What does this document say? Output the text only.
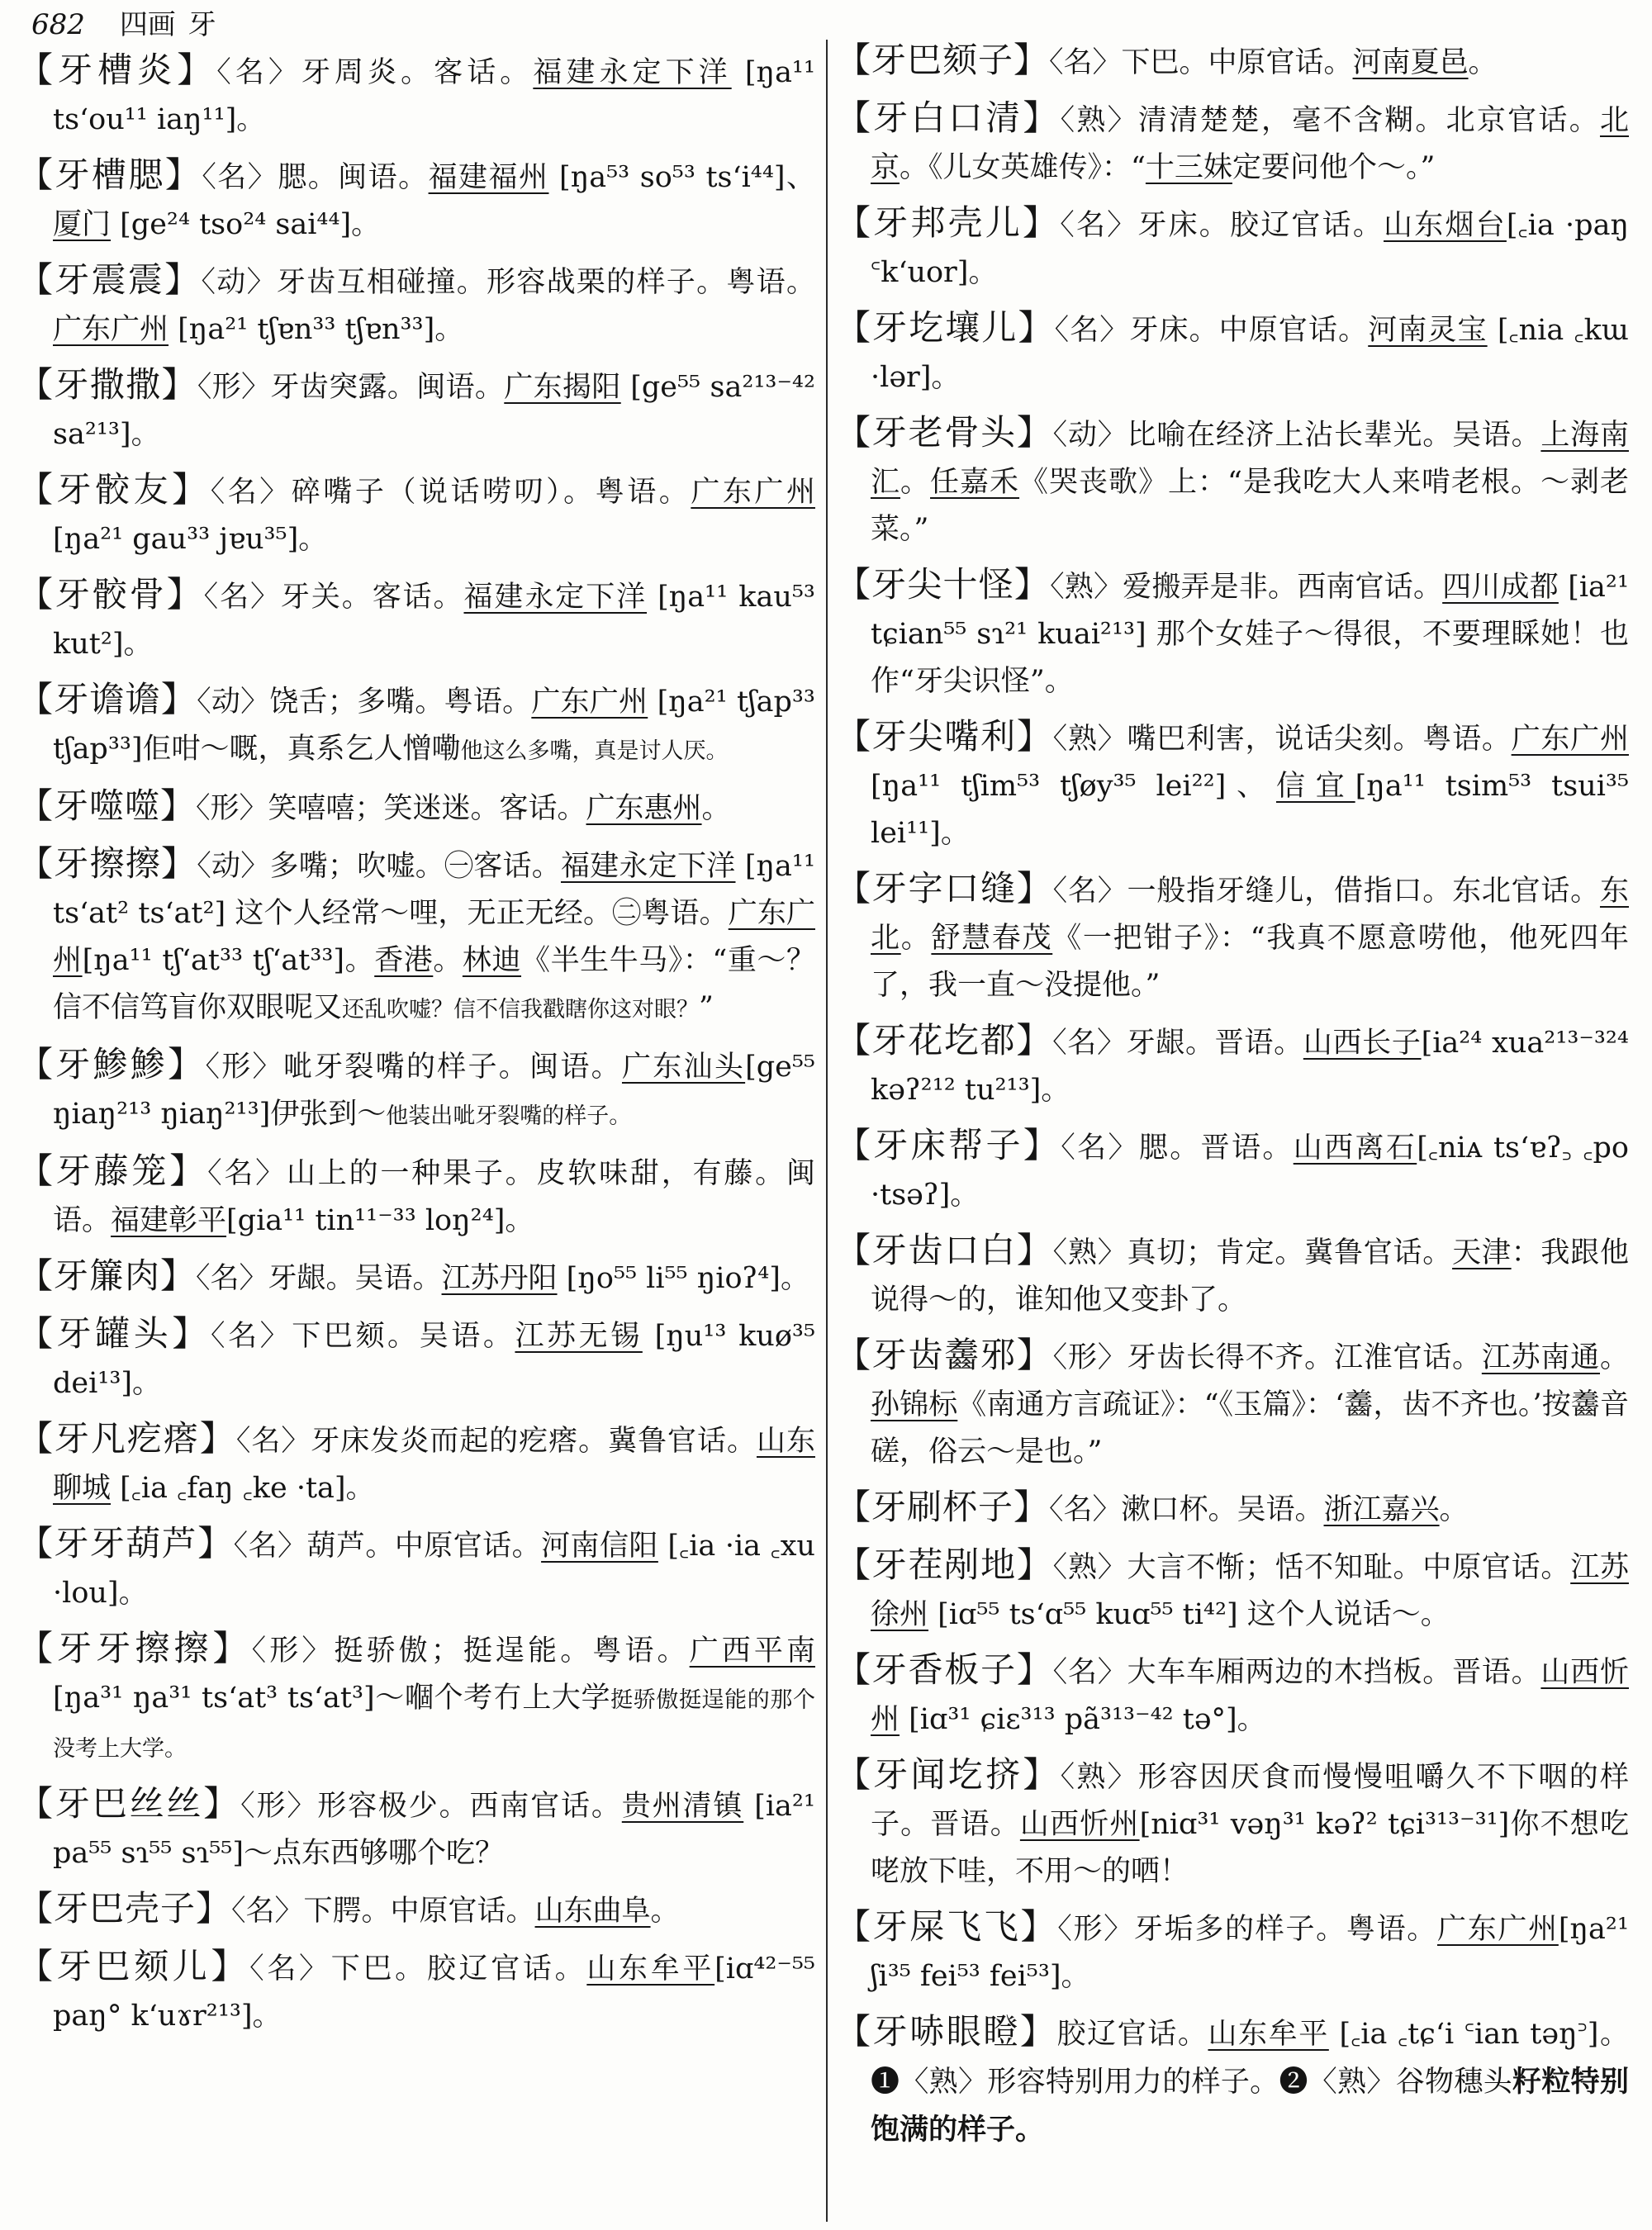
682 四画 牙
【牙槽炎】〈名〉牙周炎。客话。福建永定下洋 [ŋa¹¹ ts‘ou¹¹ iaŋ¹¹]。
【牙槽腮】〈名〉腮。闽语。福建福州 [ŋa⁵³ so⁵³ ts‘i⁴⁴]、厦门 [ge²⁴ tso²⁴ sai⁴⁴]。
【牙震震】〈动〉牙齿互相碰撞。形容战栗的样子。粤语。广东广州 [ŋa²¹ tʃɐn³³ tʃɐn³³]。
【牙撒撒】〈形〉牙齿突露。闽语。广东揭阳 [ge⁵⁵ sa²¹³⁻⁴² sa²¹³]。
【牙骹友】〈名〉碎嘴子（说话唠叨）。粤语。广东广州 [ŋa²¹ gau³³ jɐu³⁵]。
【牙骹骨】〈名〉牙关。客话。福建永定下洋 [ŋa¹¹ kau⁵³ kut²]。
【牙谵谵】〈动〉饶舌；多嘴。粤语。广东广州 [ŋa²¹ tʃap³³ tʃap³³]佢咁～嘅，真系乞人憎嘞他这么多嘴，真是讨人厌。
【牙噬噬】〈形〉笑嘻嘻；笑迷迷。客话。广东惠州。
【牙擦擦】〈动〉多嘴；吹嘘。㊀客话。福建永定下洋 [ŋa¹¹ ts‘at² ts‘at²] 这个人经常～哩，无正无经。㊁粤语。广东广州[ŋa¹¹ tʃ‘at³³ tʃ‘at³³]。香港。林迪《半生牛马》：“重～？信不信笃盲你双眼呢又还乱吹嘘？信不信我戳瞎你这对眼？”
【牙鯵鯵】〈形〉呲牙裂嘴的样子。闽语。广东汕头[ge⁵⁵ ŋiaŋ²¹³ ŋiaŋ²¹³]伊张到～他装出呲牙裂嘴的样子。
【牙藤笼】〈名〉山上的一种果子。皮软味甜，有藤。闽语。福建彰平[gia¹¹ tin¹¹⁻³³ loŋ²⁴]。
【牙簾肉】〈名〉牙龈。吴语。江苏丹阳 [ŋo⁵⁵ li⁵⁵ ŋioʔ⁴]。
【牙罐头】〈名〉下巴颏。吴语。江苏无锡 [ŋu¹³ kuø³⁵ dei¹³]。
【牙凡疙瘩】〈名〉牙床发炎而起的疙瘩。冀鲁官话。山东聊城 [꜀ia ꜀faŋ ꜀ke ·ta]。
【牙牙葫芦】〈名〉葫芦。中原官话。河南信阳 [꜀ia ·ia ꜀xu ·lou]。
【牙牙擦擦】〈形〉挺骄傲；挺逞能。粤语。广西平南 [ŋa³¹ ŋa³¹ ts‘at³ ts‘at³]～嗰个考冇上大学挺骄傲挺逞能的那个没考上大学。
【牙巴丝丝】〈形〉形容极少。西南官话。贵州清镇 [ia²¹ pa⁵⁵ sɿ⁵⁵ sɿ⁵⁵]～点东西够哪个吃？
【牙巴壳子】〈名〉下腭。中原官话。山东曲阜。
【牙巴颏儿】〈名〉下巴。胶辽官话。山东牟平[iɑ⁴²⁻⁵⁵ paŋ° k‘uɤr²¹³]。
【牙巴颏子】〈名〉下巴。中原官话。河南夏邑。
【牙白口清】〈熟〉清清楚楚，毫不含糊。北京官话。北京。《儿女英雄传》：“十三妹定要问他个～。”
【牙邦壳儿】〈名〉牙床。胶辽官话。山东烟台[꜀ia ·paŋ ꜂k‘uor]。
【牙圪壤儿】〈名〉牙床。中原官话。河南灵宝 [꜀nia ꜀kɯ ·lər]。
【牙老骨头】〈动〉比喻在经济上沾长辈光。吴语。上海南汇。任嘉禾《哭丧歌》上：“是我吃大人来啃老根。～剥老菜。”
【牙尖十怪】〈熟〉爱搬弄是非。西南官话。四川成都 [ia²¹ tɕian⁵⁵ sɿ²¹ kuai²¹³] 那个女娃子～得很，不要理睬她！也作“牙尖识怪”。
【牙尖嘴利】〈熟〉嘴巴利害，说话尖刻。粤语。广东广州[ŋa¹¹ tʃim⁵³ tʃøy³⁵ lei²²]、信宜[ŋa¹¹ tsim⁵³ tsui³⁵ lei¹¹]。
【牙字口缝】〈名〉一般指牙缝儿，借指口。东北官话。东北。舒慧春茂《一把钳子》：“我真不愿意唠他，他死四年了，我一直～没提他。”
【牙花圪都】〈名〉牙龈。晋语。山西长子[ia²⁴ xua²¹³⁻³²⁴ kəʔ²¹² tu²¹³]。
【牙床帮子】〈名〉腮。晋语。山西离石[꜀niᴀ ts‘ɐʔ꜆ ꜀po ·tsəʔ]。
【牙齿口白】〈熟〉真切；肯定。冀鲁官话。天津：我跟他说得～的，谁知他又变卦了。
【牙齿齹邪】〈形〉牙齿长得不齐。江淮官话。江苏南通。孙锦标《南通方言疏证》：“《玉篇》：‘齹，齿不齐也。’按齹音磋，俗云～是也。”
【牙刷杯子】〈名〉漱口杯。吴语。浙江嘉兴。
【牙茬剐地】〈熟〉大言不惭；恬不知耻。中原官话。江苏徐州 [iɑ⁵⁵ ts‘ɑ⁵⁵ kuɑ⁵⁵ ti⁴²] 这个人说话～。
【牙香板子】〈名〉大车车厢两边的木挡板。晋语。山西忻州 [iɑ³¹ ɕiɛ³¹³ pã³¹³⁻⁴² tə°]。
【牙闻圪挤】〈熟〉形容因厌食而慢慢咀嚼久不下咽的样子。晋语。山西忻州[niɑ³¹ vəŋ³¹ kəʔ² tɕi³¹³⁻³¹]你不想吃咾放下哇，不用～的哂！
【牙屎飞飞】〈形〉牙垢多的样子。粤语。广东广州[ŋa²¹ ʃi³⁵ fei⁵³ fei⁵³]。
【牙哧眼瞪】胶辽官话。山东牟平 [꜀ia ꜀tɕ‘i ꜂ian təŋ꜄]。❶〈熟〉形容特别用力的样子。❷〈熟〉谷物穗头籽粒特别饱满的样子。
